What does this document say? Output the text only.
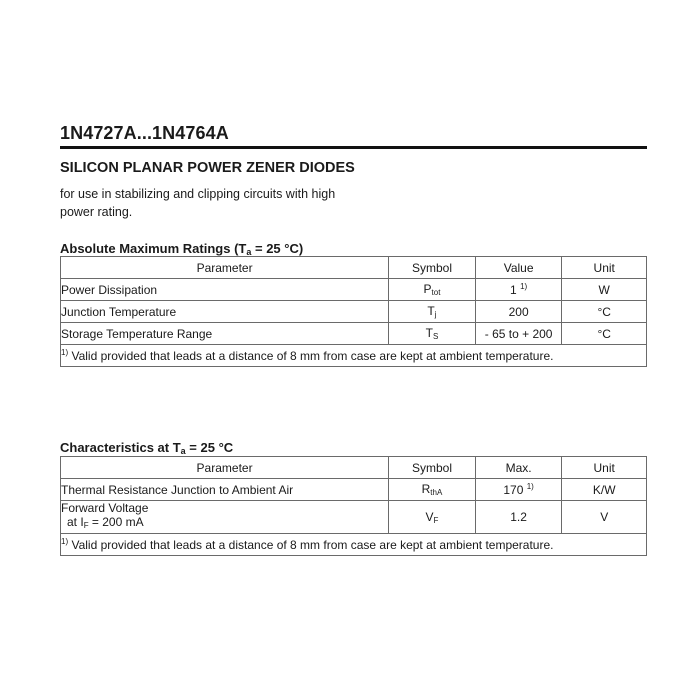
1N4727A...1N4764A
SILICON PLANAR POWER ZENER DIODES
for use in stabilizing and clipping circuits with high power rating.
Absolute Maximum Ratings ($T_a = 25$ °C)
Parameter	Symbol	Value	Unit
Power Dissipation	$P_{tot}$	1 $^{1)}$	W
Junction Temperature	$T_j$	200	°C
Storage Temperature Range	$T_S$	- 65 to + 200	°C
$^{1)}$ Valid provided that leads at a distance of 8 mm from case are kept at ambient temperature.			
Characteristics at $T_a = 25$ °C
Parameter	Symbol	Max.	Unit
Thermal Resistance Junction to Ambient Air	$R_{thA}$	170 $^{1)}$	K/W

Forward Voltage
at $I_F = 200$ mA	$V_F$	1.2	V
$^{1)}$ Valid provided that leads at a distance of 8 mm from case are kept at ambient temperature.			
